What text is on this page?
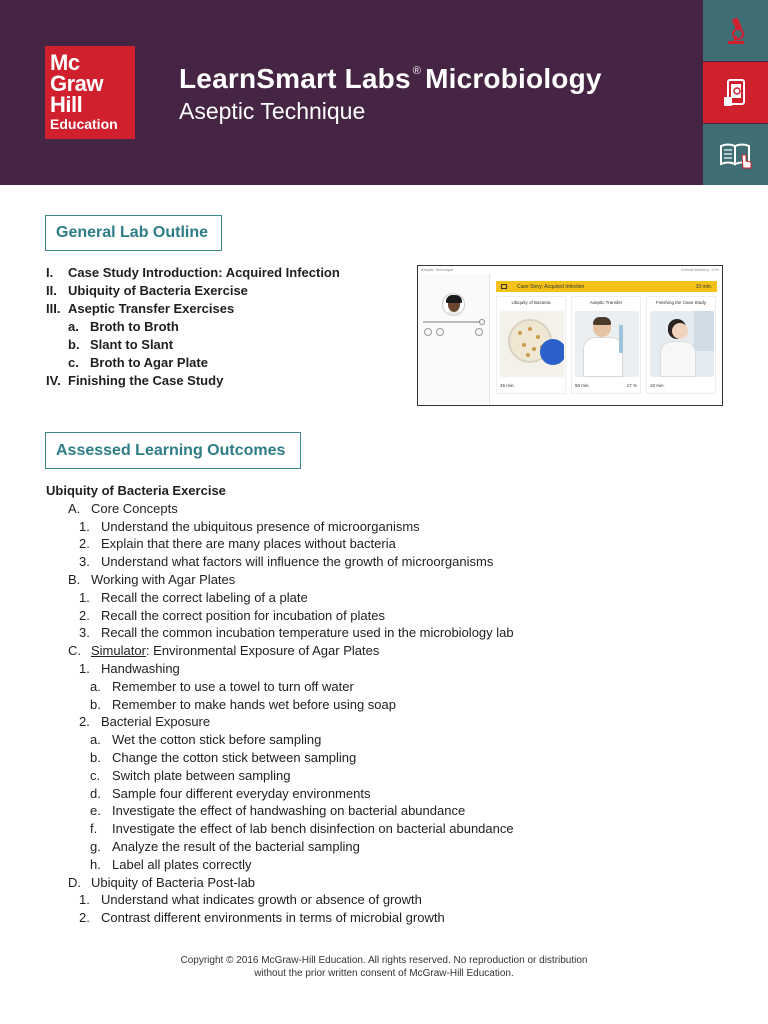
Mc
Graw
Hill
Education
LearnSmart Labs ® Microbiology
Aseptic Technique
General Lab Outline
I.	Case Study Introduction: Acquired Infection
II. Ubiquity of Bacteria Exercise
III. Aseptic Transfer Exercises
a. Broth to Broth
b. Slant to Slant
c. Broth to Agar Plate
IV. Finishing the Case Study
Aseptic Technique	Overall Mastery: 17%
Case Story: Acquired Infection	10 min.
Ubiquity of Bacteria
45 min.
Aseptic Transfer
50 min.	17 %
Finishing the Case Study
10 min.
Assessed Learning Outcomes
Ubiquity of Bacteria Exercise
A. Core Concepts
1. Understand the ubiquitous presence of microorganisms
2. Explain that there are many places without bacteria
3. Understand what factors will influence the growth of microorganisms
B. Working with Agar Plates
1. Recall the correct labeling of a plate
2. Recall the correct position for incubation of plates
3. Recall the common incubation temperature used in the microbiology lab
C. Simulator : Environmental Exposure of Agar Plates
1. Handwashing
a. Remember to use a towel to turn off water
b. Remember to make hands wet before using soap
2. Bacterial Exposure
a. Wet the cotton stick before sampling
b. Change the cotton stick between sampling
c. Switch plate between sampling
d. Sample four different everyday environments
e. Investigate the effect of handwashing on bacterial abundance
f.	Investigate the effect of lab bench disinfection on bacterial abundance
g. Analyze the result of the bacterial sampling
h. Label all plates correctly
D. Ubiquity of Bacteria Post-lab
1. Understand what indicates growth or absence of growth
2. Contrast different environments in terms of microbial growth
Copyright © 2016 McGraw-Hill Education. All rights reserved. No reproduction or distribution
without the prior written consent of McGraw-Hill Education.
